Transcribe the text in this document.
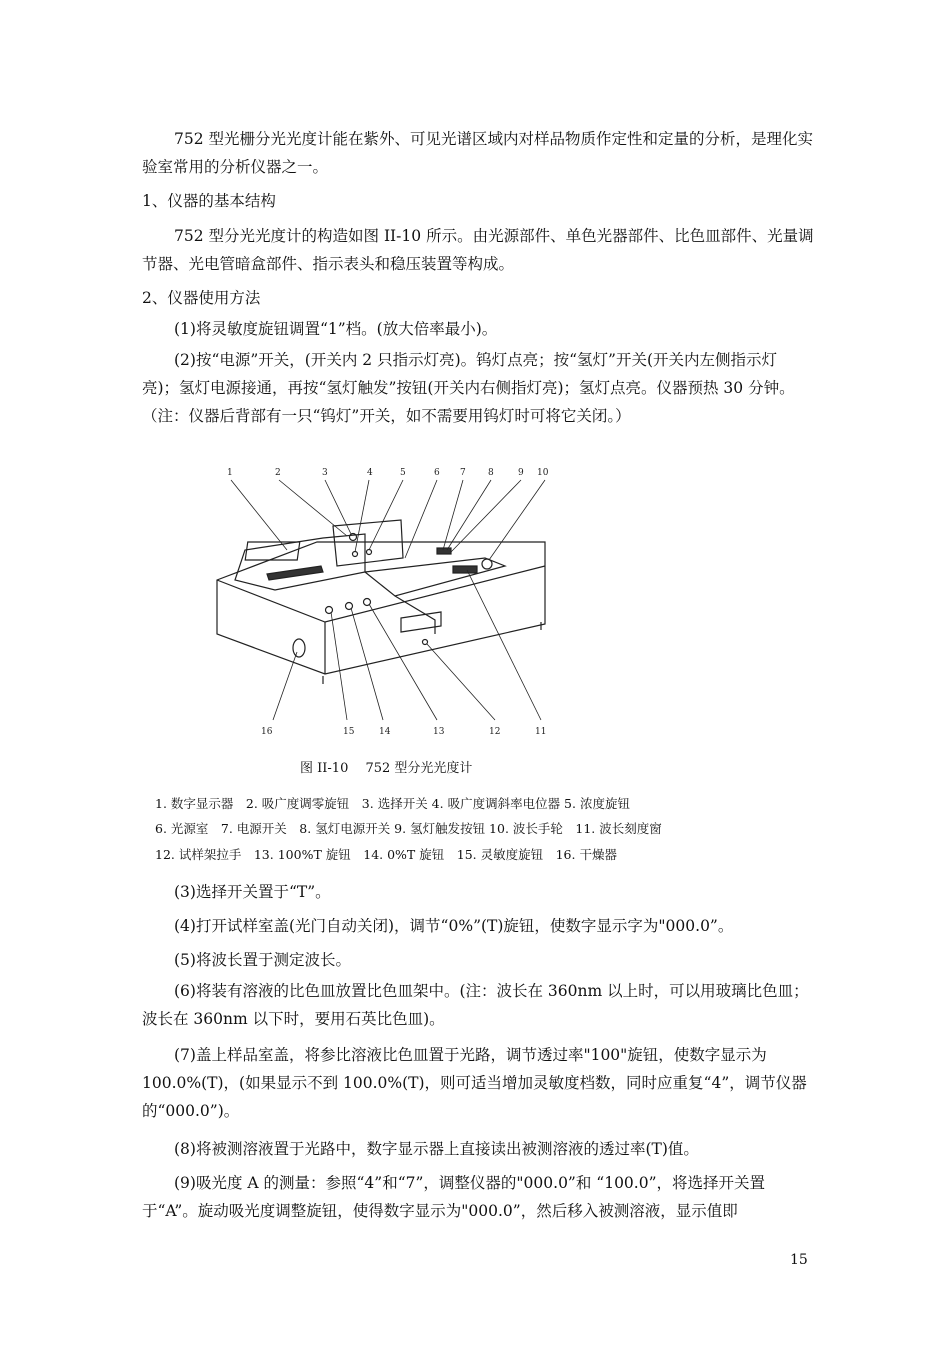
752 型光栅分光光度计能在紫外、可见光谱区域内对样品物质作定性和定量的分析，是理化实验室常用的分析仪器之一。

1、仪器的基本结构

752 型分光光度计的构造如图 II-10 所示。由光源部件、单色光器部件、比色皿部件、光量调节器、光电管暗盒部件、指示表头和稳压装置等构成。

2、仪器使用方法

(1)将灵敏度旋钮调置“1”档。(放大倍率最小)。

(2)按“电源”开关，(开关内 2 只指示灯亮)。钨灯点亮；按“氢灯”开关(开关内左侧指示灯亮)；氢灯电源接通，再按“氢灯触发”按钮(开关内右侧指灯亮)；氢灯点亮。仪器预热 30 分钟。（注：仪器后背部有一只“钨灯”开关，如不需要用钨灯时可将它关闭。）

1	2	3	4	5	6 7 8	9 10
11
12
13
14
15
16
图 II-10　 752 型分光光度计
1. 数字显示器　2. 吸广度调零旋钮　3. 选择开关 4. 吸广度调斜率电位器 5. 浓度旋钮
6. 光源室　7. 电源开关　8. 氢灯电源开关 9. 氢灯触发按钮 10. 波长手轮　11. 波长刻度窗
12. 试样架拉手　13. 100%T 旋钮　14. 0%T 旋钮　15. 灵敏度旋钮　16. 干燥器

(3)选择开关置于“T”。

(4)打开试样室盖(光门自动关闭)，调节“0%”(T)旋钮，使数字显示字为"000.0”。

(5)将波长置于测定波长。

(6)将装有溶液的比色皿放置比色皿架中。(注：波长在 360nm 以上时，可以用玻璃比色皿；波长在 360nm 以下时，要用石英比色皿)。

(7)盖上样品室盖，将参比溶液比色皿置于光路，调节透过率"100"旋钮，使数字显示为 100.0%(T)，(如果显示不到 100.0%(T)，则可适当增加灵敏度档数，同时应重复“4”，调节仪器的“000.0”)。

(8)将被测溶液置于光路中，数字显示器上直接读出被测溶液的透过率(T)值。

(9)吸光度 A 的测量：参照“4”和“7”，调整仪器的"000.0”和 “100.0”，将选择开关置于“A”。旋动吸光度调整旋钮，使得数字显示为"000.0”，然后移入被测溶液，显示值即

15
